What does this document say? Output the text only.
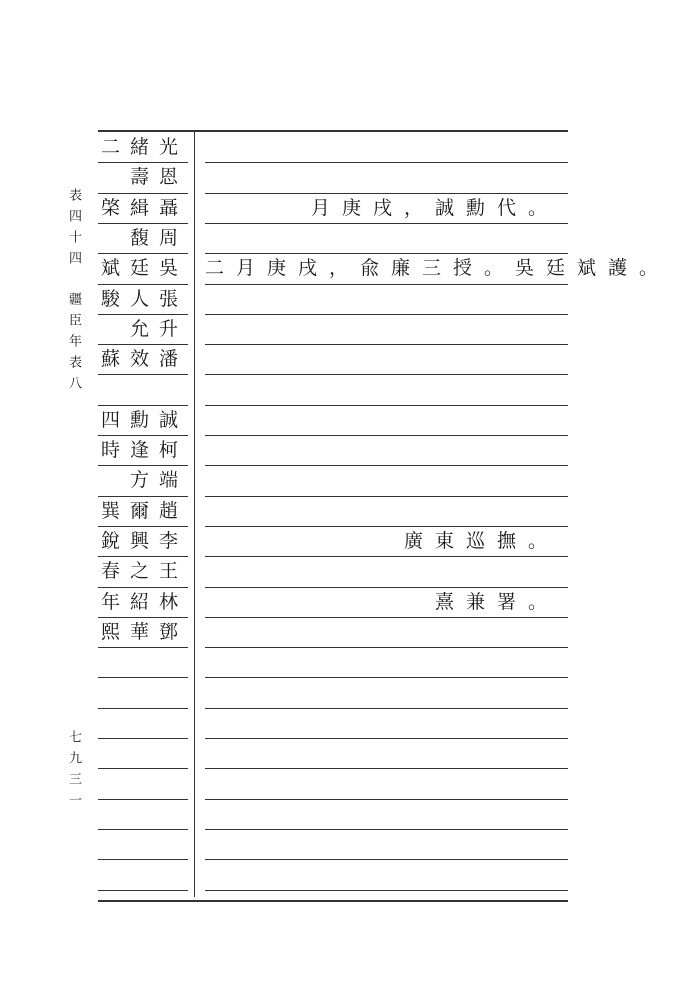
二緒光
壽恩
棨緝聶	月庚戌，誠勳代。
馥周
斌廷吳 二月庚戌，兪廉三授。吳廷斌護。
駿人張
允升
蘇效潘
四勳誠
時逢柯
方端
巽爾趙
銳興李	廣東巡撫。
春之王
年紹林	熹兼署。
熙華鄧
表四十四
疆臣年表八
七九三一
